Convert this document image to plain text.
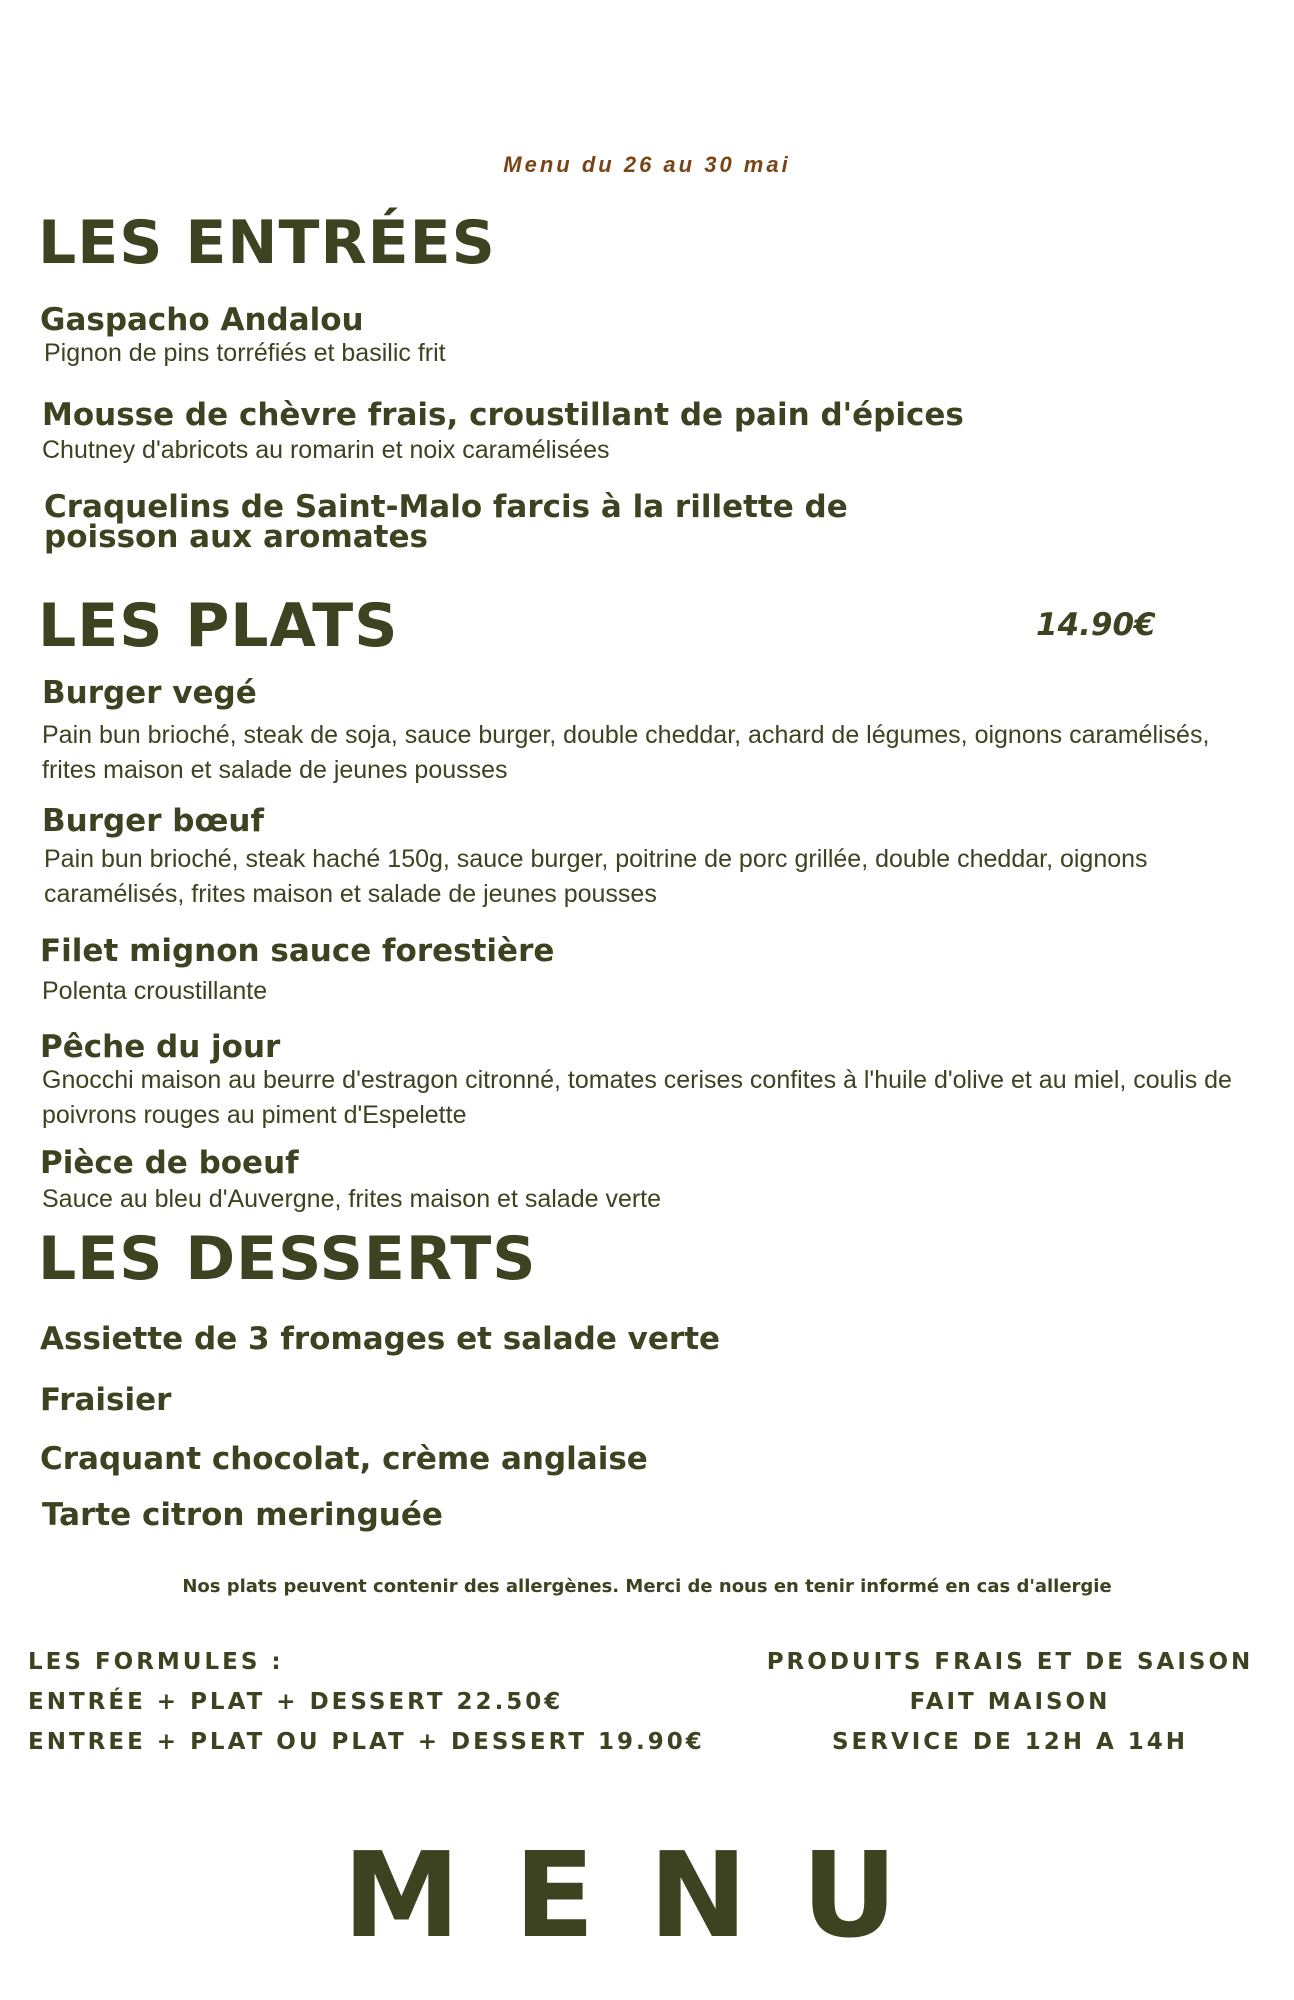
Menu du 26 au 30 mai
LES ENTRÉES
Gaspacho Andalou
Pignon de pins torréfiés et basilic frit
Mousse de chèvre frais, croustillant de pain d'épices
Chutney d'abricots au romarin et noix caramélisées
Craquelins de Saint-Malo farcis à la rillette de
poisson aux aromates
LES PLATS	14.90€
Burger vegé
Pain bun brioché, steak de soja, sauce burger, double cheddar, achard de légumes, oignons caramélisés, frites maison et salade de jeunes pousses
Burger bœuf
Pain bun brioché, steak haché 150g, sauce burger, poitrine de porc grillée, double cheddar, oignons caramélisés, frites maison et salade de jeunes pousses
Filet mignon sauce forestière
Polenta croustillante
Pêche du jour
Gnocchi maison au beurre d'estragon citronné, tomates cerises confites à l'huile d'olive et au miel, coulis de poivrons rouges au piment d'Espelette
Pièce de boeuf
Sauce au bleu d'Auvergne, frites maison et salade verte
LES DESSERTS
Assiette de 3 fromages et salade verte
Fraisier
Craquant chocolat, crème anglaise
Tarte citron meringuée
Nos plats peuvent contenir des allergènes. Merci de nous en tenir informé en cas d'allergie
LES FORMULES :
ENTRÉE + PLAT + DESSERT 22.50€
ENTREE + PLAT OU PLAT + DESSERT 19.90€
PRODUITS FRAIS ET DE SAISON
FAIT MAISON
SERVICE DE 12H A 14H
MENU
